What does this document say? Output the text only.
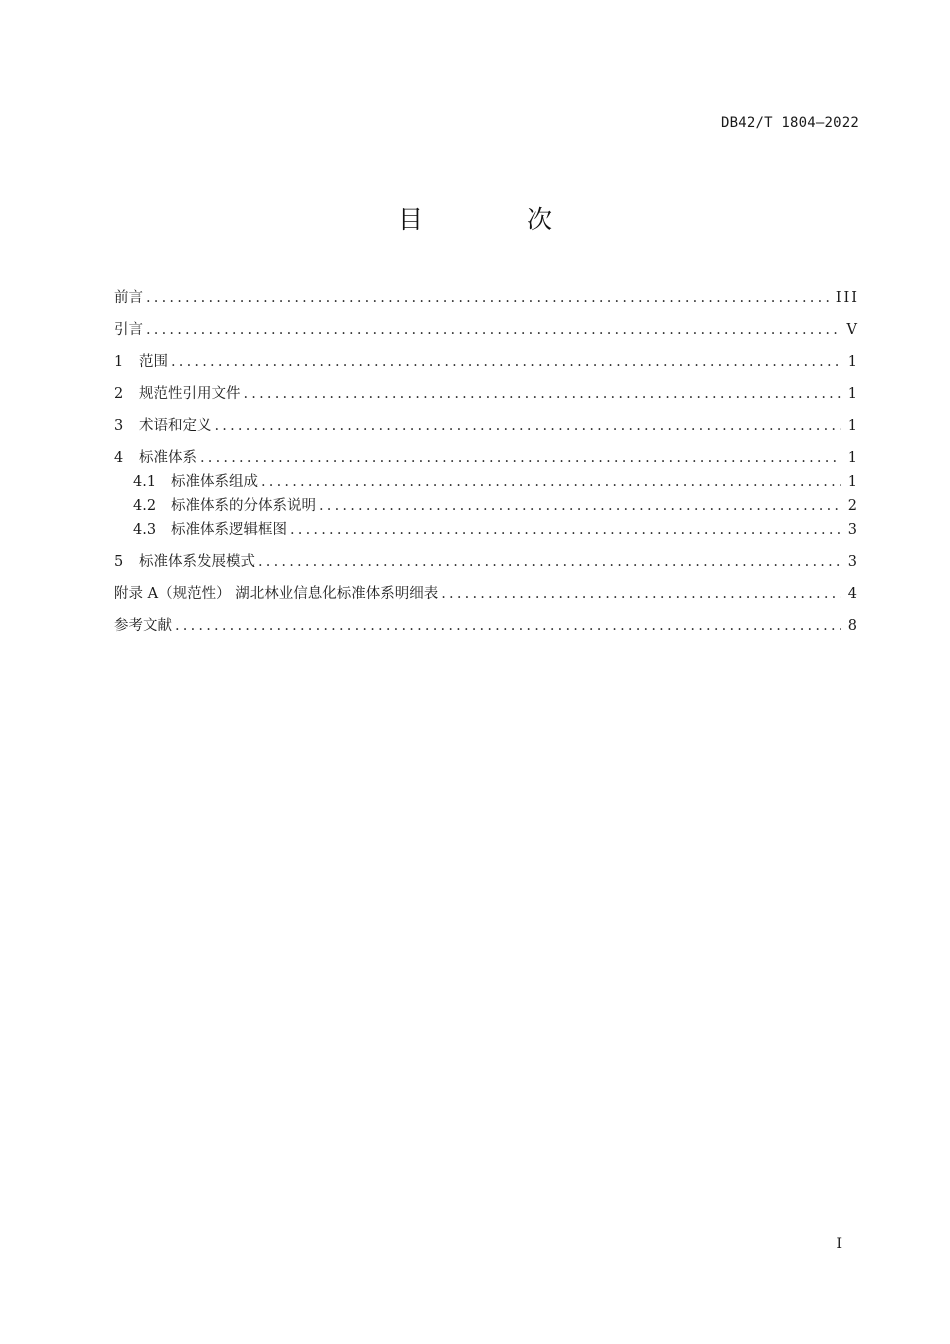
DB42/T 1804—2022
目 次
前言 .....	III
引言 .....	V
1	范围 .....	1
2	规范性引用文件 .....	1
3	术语和定义 .....	1
4	标准体系 .....	1
4.1	标准体系组成 .....	1
4.2	标准体系的分体系说明 .....	2
4.3	标准体系逻辑框图 .....	3
5	标准体系发展模式 .....	3
附录 A（规范性） 湖北林业信息化标准体系明细表 .....	4
参考文献 .....	8
I
